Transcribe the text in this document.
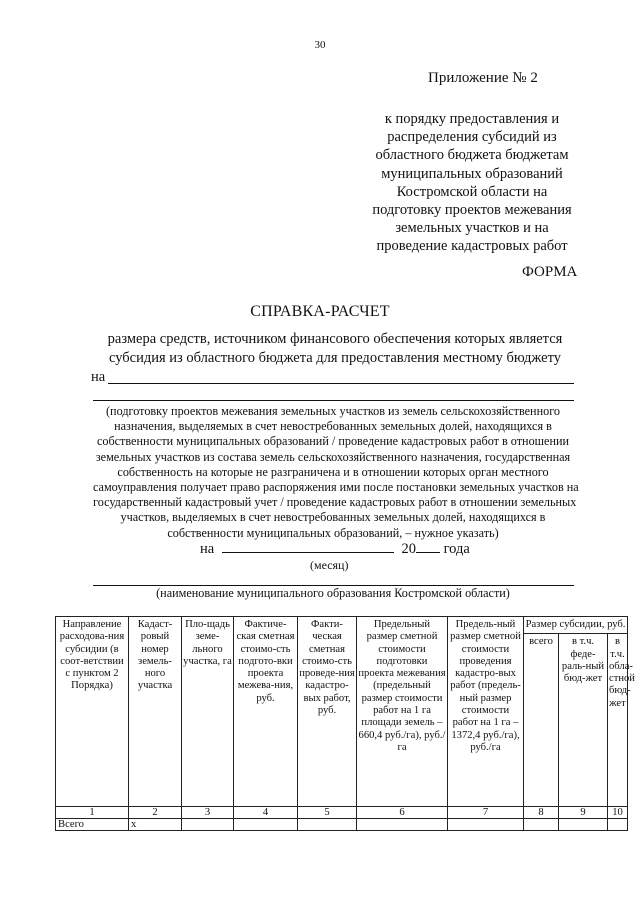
30
Приложение № 2
к порядку предоставления и
распределения субсидий из
областного бюджета бюджетам
муниципальных образований
Костромской области на
подготовку проектов межевания
земельных участков и на
проведение кадастровых работ
ФОРМА
СПРАВКА-РАСЧЕТ
размера средств, источником финансового обеспечения которых является
субсидия из областного бюджета для предоставления местному бюджету
на
(подготовку проектов межевания земельных участков из земель сельскохозяйственного
назначения, выделяемых в счет невостребованных земельных долей, находящихся в
собственности муниципальных образований / проведение кадастровых работ в отношении
земельных участков из состава земель сельскохозяйственного назначения, государственная
собственность на которые не разграничена и в отношении которых орган местного
самоуправления получает право распоряжения ими после постановки земельных участков на
государственный кадастровый учет / проведение кадастровых работ в отношении земельных
участков, выделяемых в счет невостребованных земельных долей, находящихся в
собственности муниципальных образований, – нужное указать)
на	20 года
(месяц)
(наименование муниципального образования Костромской области)
Направление расходова-ния субсидии (в соот-ветствии с пунктом 2 Порядка)	Кадаст-ровый номер земель-ного участка	Пло-щадь земе-льного участка, га	Фактиче-ская сметная стоимо-сть подгото-вки проекта межева-ния, руб.	Факти-ческая сметная стоимо-сть проведе-ния кадастро-вых работ, руб.	Предельный размер сметной стоимости подготовки проекта межевания (предельный размер стоимости работ на 1 га площади земель – 660,4 руб./га), руб./га	Предель-ный размер сметной стоимости проведения кадастро-вых работ (предель-ный размер стоимости работ на 1 га – 1372,4 руб./га), руб./га	Размер субсидии, руб.		
							всего	в т.ч. феде-раль-ный бюд-жет	в т.ч. обла-стной бюд-жет
1	2	3	4	5	6	7	8	9	10
Всего	х								
